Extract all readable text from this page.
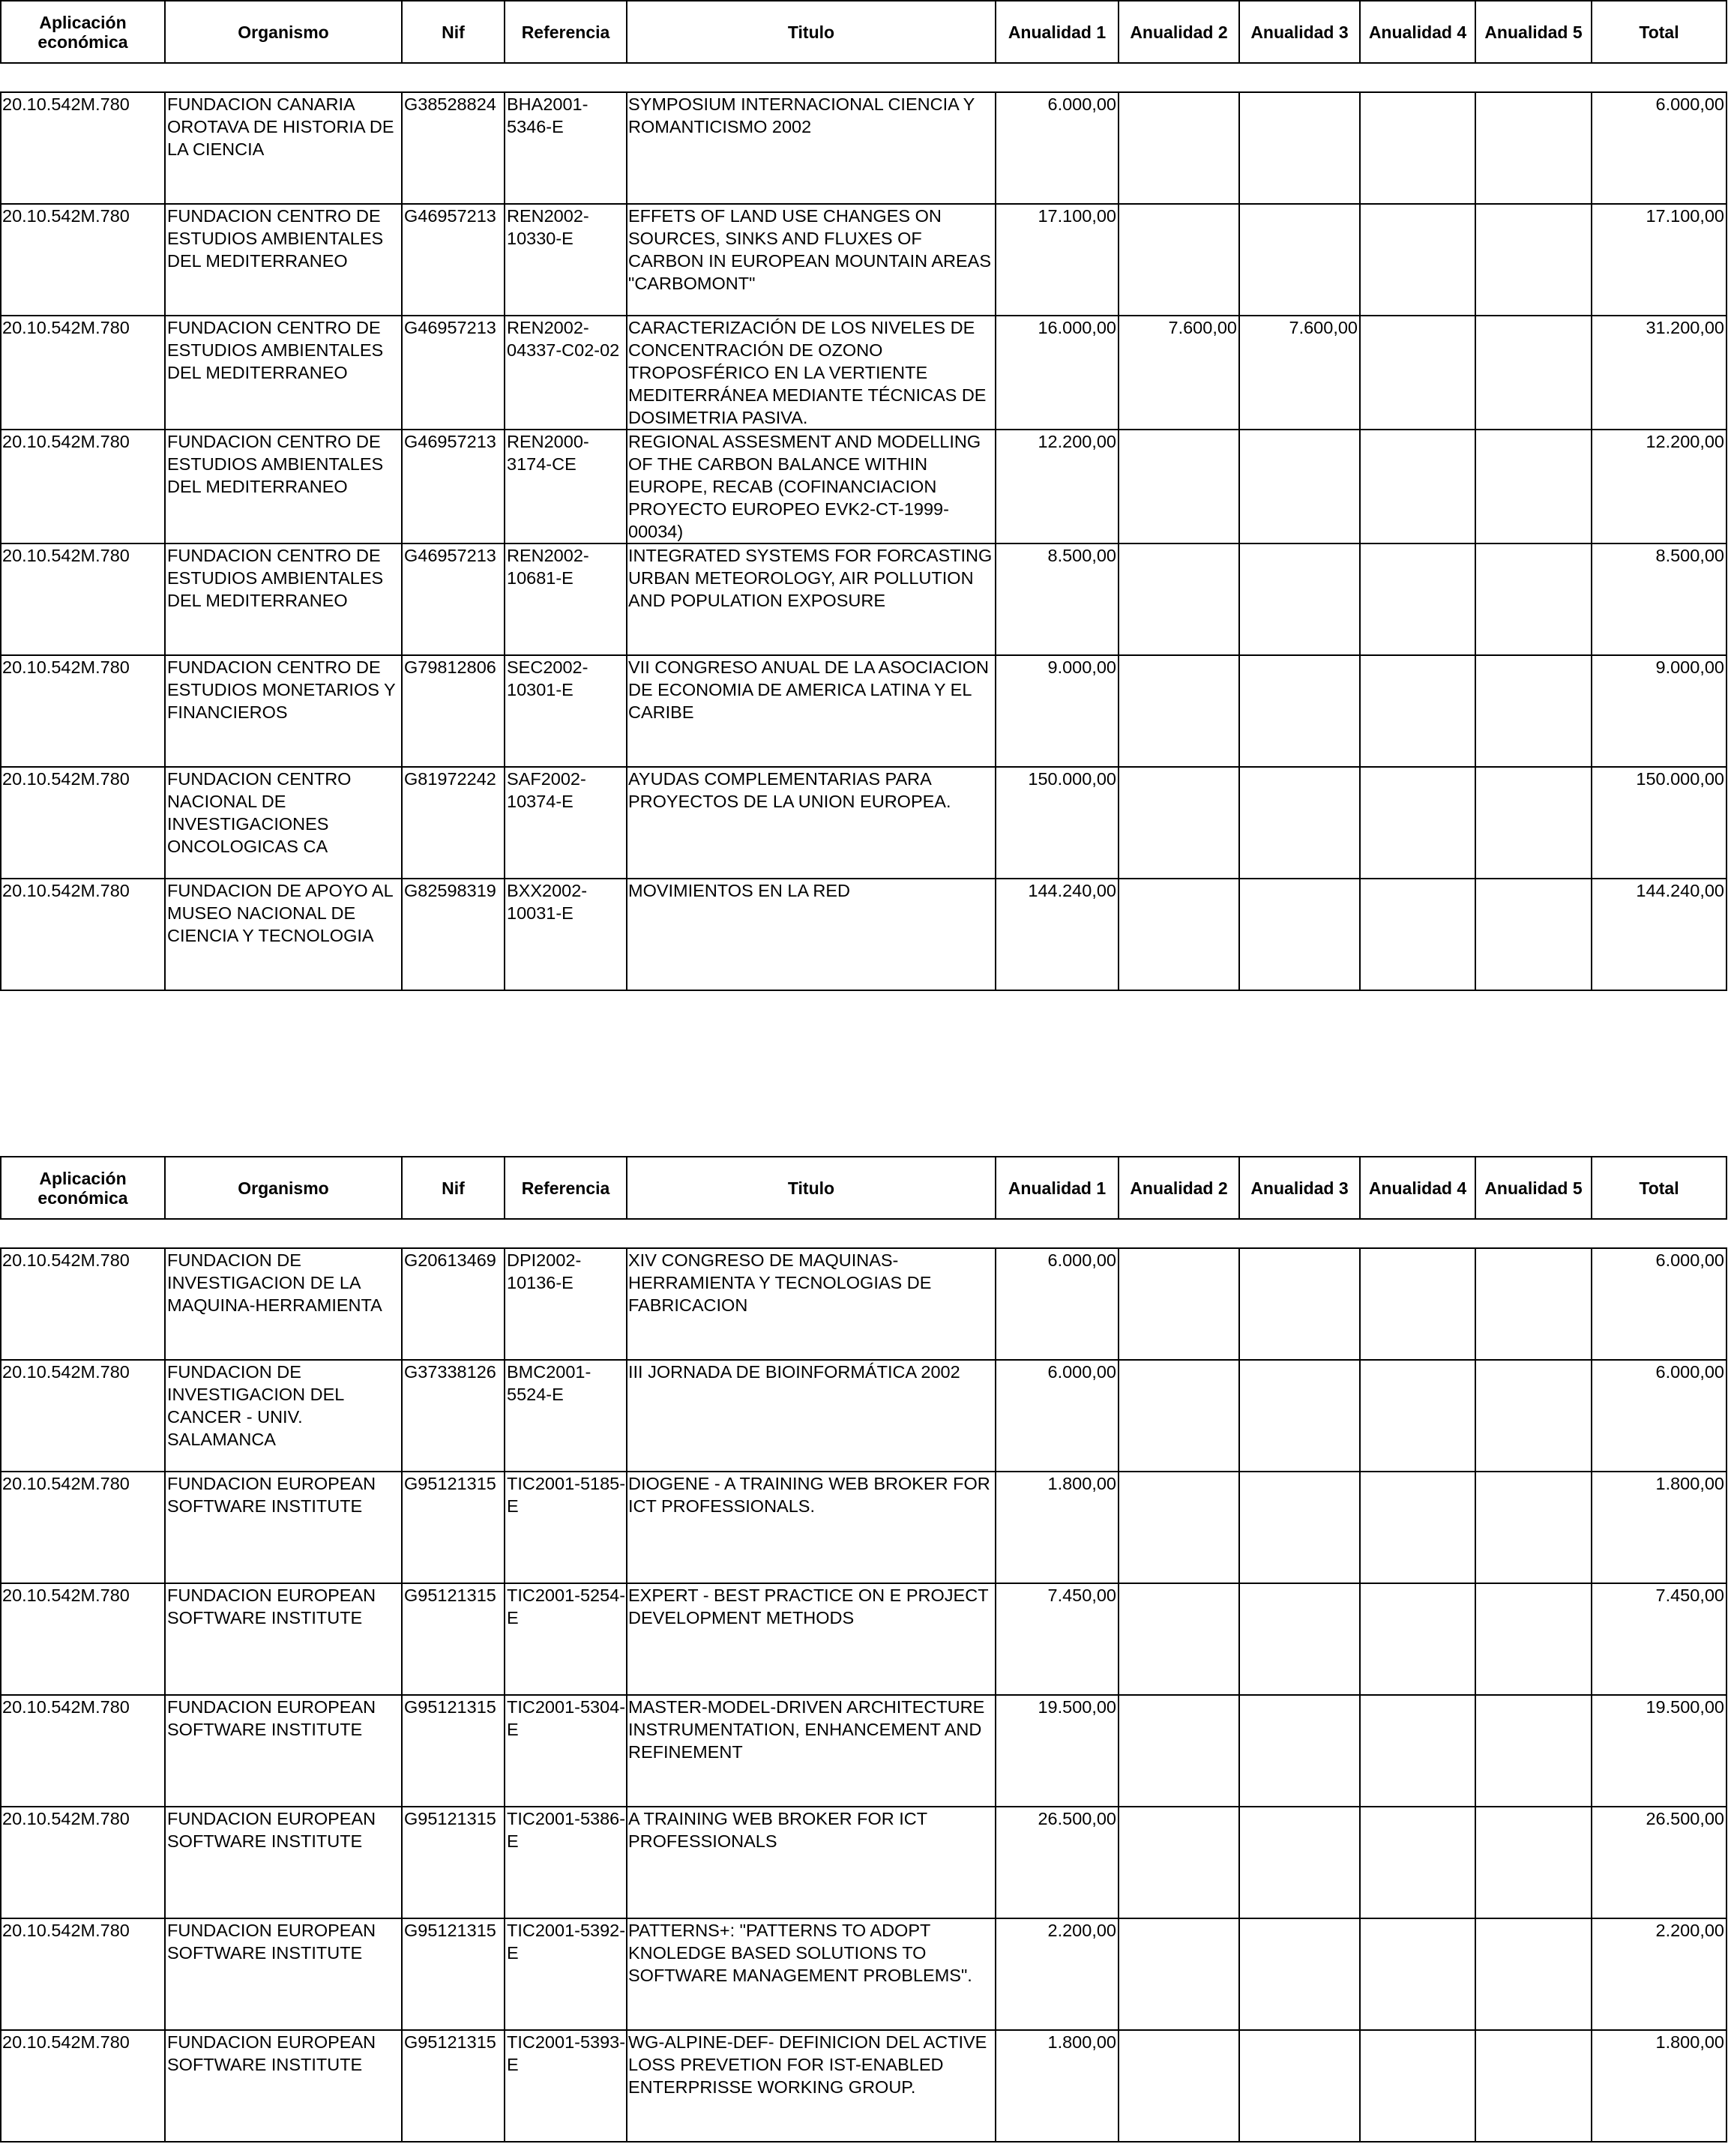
Aplicación económica	Organismo	Nif	Referencia	Titulo	Anualidad 1	Anualidad 2	Anualidad 3	Anualidad 4	Anualidad 5	Total
20.10.542M.780	FUNDACION CANARIA OROTAVA DE HISTORIA DE LA CIENCIA	G38528824	BHA2001-5346-E	SYMPOSIUM INTERNACIONAL CIENCIA Y ROMANTICISMO 2002	6.000,00					6.000,00
20.10.542M.780	FUNDACION CENTRO DE ESTUDIOS AMBIENTALES DEL MEDITERRANEO	G46957213	REN2002-10330-E	EFFETS OF LAND USE CHANGES ON SOURCES, SINKS AND FLUXES OF CARBON IN EUROPEAN MOUNTAIN AREAS "CARBOMONT"	17.100,00					17.100,00
20.10.542M.780	FUNDACION CENTRO DE ESTUDIOS AMBIENTALES DEL MEDITERRANEO	G46957213	REN2002-04337-C02-02	CARACTERIZACIÓN DE LOS NIVELES DE CONCENTRACIÓN DE OZONO TROPOSFÉRICO EN LA VERTIENTE MEDITERRÁNEA MEDIANTE TÉCNICAS DE DOSIMETRIA PASIVA.	16.000,00	7.600,00	7.600,00			31.200,00
20.10.542M.780	FUNDACION CENTRO DE ESTUDIOS AMBIENTALES DEL MEDITERRANEO	G46957213	REN2000-3174-CE	REGIONAL ASSESMENT AND MODELLING OF THE CARBON BALANCE WITHIN EUROPE, RECAB (COFINANCIACION PROYECTO EUROPEO EVK2-CT-1999-00034)	12.200,00					12.200,00
20.10.542M.780	FUNDACION CENTRO DE ESTUDIOS AMBIENTALES DEL MEDITERRANEO	G46957213	REN2002-10681-E	INTEGRATED SYSTEMS FOR FORCASTING URBAN METEOROLOGY, AIR POLLUTION AND POPULATION EXPOSURE	8.500,00					8.500,00
20.10.542M.780	FUNDACION CENTRO DE ESTUDIOS MONETARIOS Y FINANCIEROS	G79812806	SEC2002-10301-E	VII CONGRESO ANUAL DE LA ASOCIACION DE ECONOMIA DE AMERICA LATINA Y EL CARIBE	9.000,00					9.000,00
20.10.542M.780	FUNDACION CENTRO NACIONAL DE INVESTIGACIONES ONCOLOGICAS CA	G81972242	SAF2002-10374-E	AYUDAS COMPLEMENTARIAS PARA PROYECTOS DE LA UNION EUROPEA.	150.000,00					150.000,00
20.10.542M.780	FUNDACION DE APOYO AL MUSEO NACIONAL DE CIENCIA Y TECNOLOGIA	G82598319	BXX2002-10031-E	MOVIMIENTOS EN LA RED	144.240,00					144.240,00
Aplicación económica	Organismo	Nif	Referencia	Titulo	Anualidad 1	Anualidad 2	Anualidad 3	Anualidad 4	Anualidad 5	Total
20.10.542M.780	FUNDACION DE INVESTIGACION DE LA MAQUINA-HERRAMIENTA	G20613469	DPI2002-10136-E	XIV CONGRESO DE MAQUINAS-HERRAMIENTA Y TECNOLOGIAS DE FABRICACION	6.000,00					6.000,00
20.10.542M.780	FUNDACION DE INVESTIGACION DEL CANCER - UNIV. SALAMANCA	G37338126	BMC2001-5524-E	III JORNADA DE BIOINFORMÁTICA 2002	6.000,00					6.000,00
20.10.542M.780	FUNDACION EUROPEAN SOFTWARE INSTITUTE	G95121315	TIC2001-5185-E	DIOGENE - A TRAINING WEB BROKER FOR ICT PROFESSIONALS.	1.800,00					1.800,00
20.10.542M.780	FUNDACION EUROPEAN SOFTWARE INSTITUTE	G95121315	TIC2001-5254-E	EXPERT - BEST PRACTICE ON E PROJECT DEVELOPMENT METHODS	7.450,00					7.450,00
20.10.542M.780	FUNDACION EUROPEAN SOFTWARE INSTITUTE	G95121315	TIC2001-5304-E	MASTER-MODEL-DRIVEN ARCHITECTURE INSTRUMENTATION, ENHANCEMENT AND REFINEMENT	19.500,00					19.500,00
20.10.542M.780	FUNDACION EUROPEAN SOFTWARE INSTITUTE	G95121315	TIC2001-5386-E	A TRAINING WEB BROKER FOR ICT PROFESSIONALS	26.500,00					26.500,00
20.10.542M.780	FUNDACION EUROPEAN SOFTWARE INSTITUTE	G95121315	TIC2001-5392-E	PATTERNS+: "PATTERNS TO ADOPT KNOLEDGE BASED SOLUTIONS TO SOFTWARE MANAGEMENT PROBLEMS".	2.200,00					2.200,00
20.10.542M.780	FUNDACION EUROPEAN SOFTWARE INSTITUTE	G95121315	TIC2001-5393-E	WG-ALPINE-DEF- DEFINICION DEL ACTIVE LOSS PREVETION FOR IST-ENABLED ENTERPRISSE WORKING GROUP.	1.800,00					1.800,00
